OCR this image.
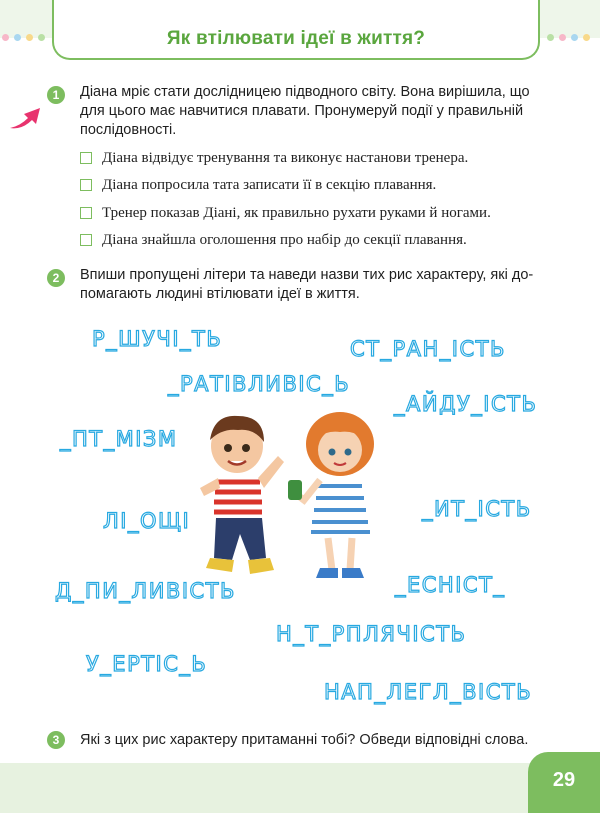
Як втілювати ідеї в життя?
1	Діана мріє стати дослідницею підводного світу. Вона вирішила, що для цього має навчитися плавати. Пронумеруй події у правильній послідовності.
Діана відвідує тренування та виконує настанови тренера.
Діана попросила тата записати її в секцію плавання.
Тренер показав Діані, як правильно рухати руками й ногами.
Діана знайшла оголошення про набір до секції плавання.
2	Впиши пропущені літери та наведи назви тих рис характеру, які до-помагають людині втілювати ідеї в життя.
Р_ШУЧІ_ТЬ	СТ_РАН_ІСТЬ
_РАТІВЛИВІС_Ь
_АЙДУ_ІСТЬ
_ПТ_МІЗМ
ЛІ_ОЩІ	_ИТ_ІСТЬ
Д_ПИ_ЛИВІСТЬ	_ЕСНІСТ_
Н_Т_РПЛЯЧІСТЬ
У_ЕРТІС_Ь
НАП_ЛЕГЛ_ВІСТЬ
3	Які з цих рис характеру притаманні тобі? Обведи відповідні слова.
29
